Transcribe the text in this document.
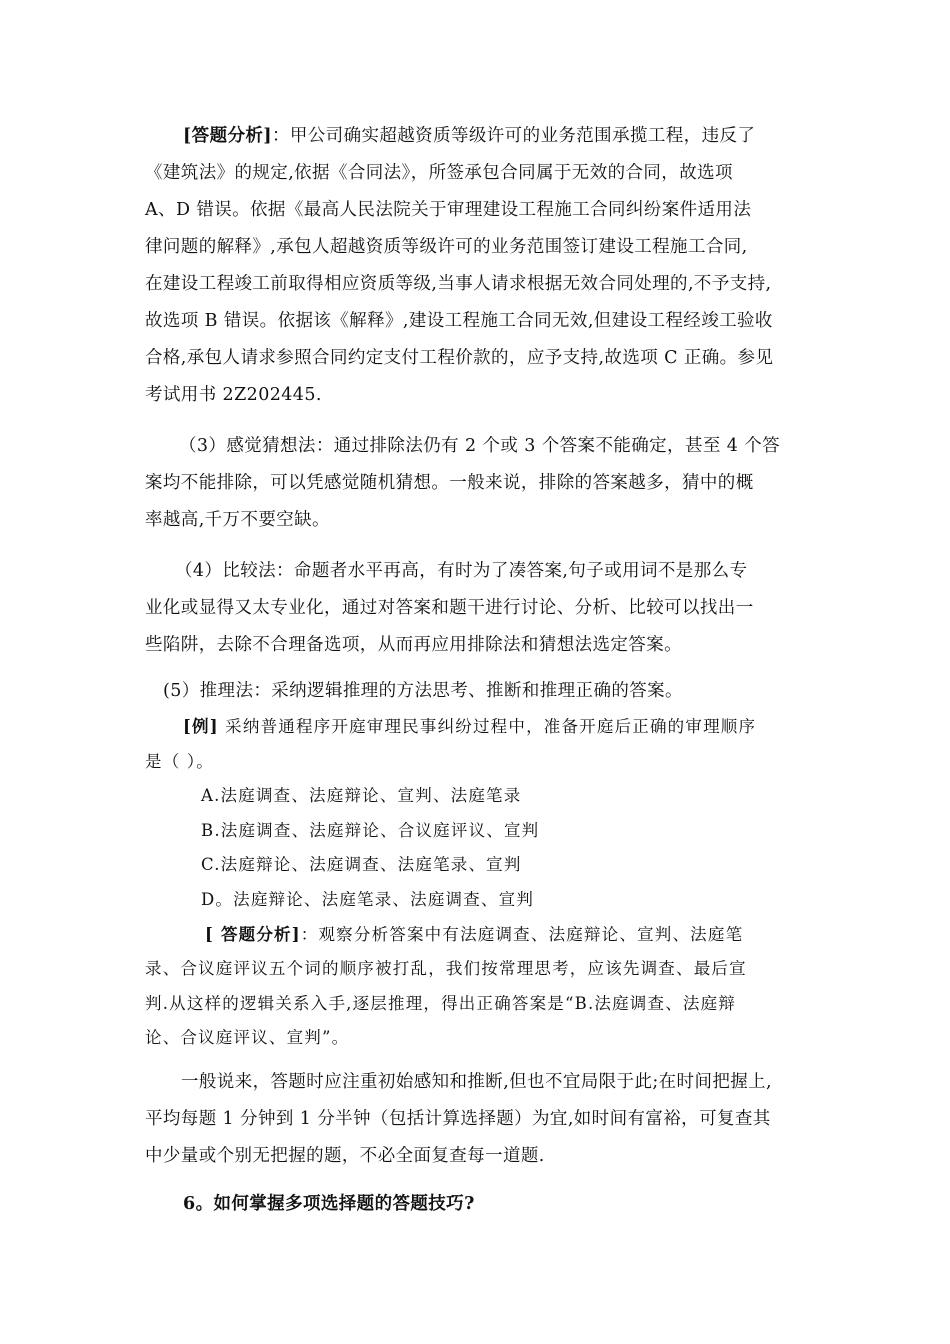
[答题分析]：甲公司确实超越资质等级许可的业务范围承揽工程，违反了
《建筑法》的规定,依据《合同法》，所签承包合同属于无效的合同，故选项
A、D 错误。依据《最高人民法院关于审理建设工程施工合同纠纷案件适用法
律问题的解释》,承包人超越资质等级许可的业务范围签订建设工程施工合同,
在建设工程竣工前取得相应资质等级,当事人请求根据无效合同处理的,不予支持,
故选项 B 错误。依据该《解释》,建设工程施工合同无效,但建设工程经竣工验收
合格,承包人请求参照合同约定支付工程价款的，应予支持,故选项 C 正确。参见
考试用书 2Z202445.
（3）感觉猜想法：通过排除法仍有 2 个或 3 个答案不能确定，甚至 4 个答
案均不能排除，可以凭感觉随机猜想。一般来说，排除的答案越多，猜中的概
率越高,千万不要空缺。
（4）比较法：命题者水平再高，有时为了凑答案,句子或用词不是那么专
业化或显得又太专业化，通过对答案和题干进行讨论、分析、比较可以找出一
些陷阱，去除不合理备选项，从而再应用排除法和猜想法选定答案。
(5）推理法：采纳逻辑推理的方法思考、推断和推理正确的答案。
[例] 采纳普通程序开庭审理民事纠纷过程中，准备开庭后正确的审理顺序
是（ ）。
A.法庭调查、法庭辩论、宣判、法庭笔录
B.法庭调查、法庭辩论、合议庭评议、宣判
C.法庭辩论、法庭调查、法庭笔录、宣判
D。法庭辩论、法庭笔录、法庭调查、宣判
[ 答题分析]：观察分析答案中有法庭调查、法庭辩论、宣判、法庭笔
录、合议庭评议五个词的顺序被打乱，我们按常理思考，应该先调查、最后宣
判.从这样的逻辑关系入手,逐层推理，得出正确答案是“B.法庭调查、法庭辩
论、合议庭评议、宣判”。
一般说来，答题时应注重初始感知和推断,但也不宜局限于此;在时间把握上,
平均每题 1 分钟到 1 分半钟（包括计算选择题）为宜,如时间有富裕，可复查其
中少量或个别无把握的题，不必全面复查每一道题.
6。如何掌握多项选择题的答题技巧?
